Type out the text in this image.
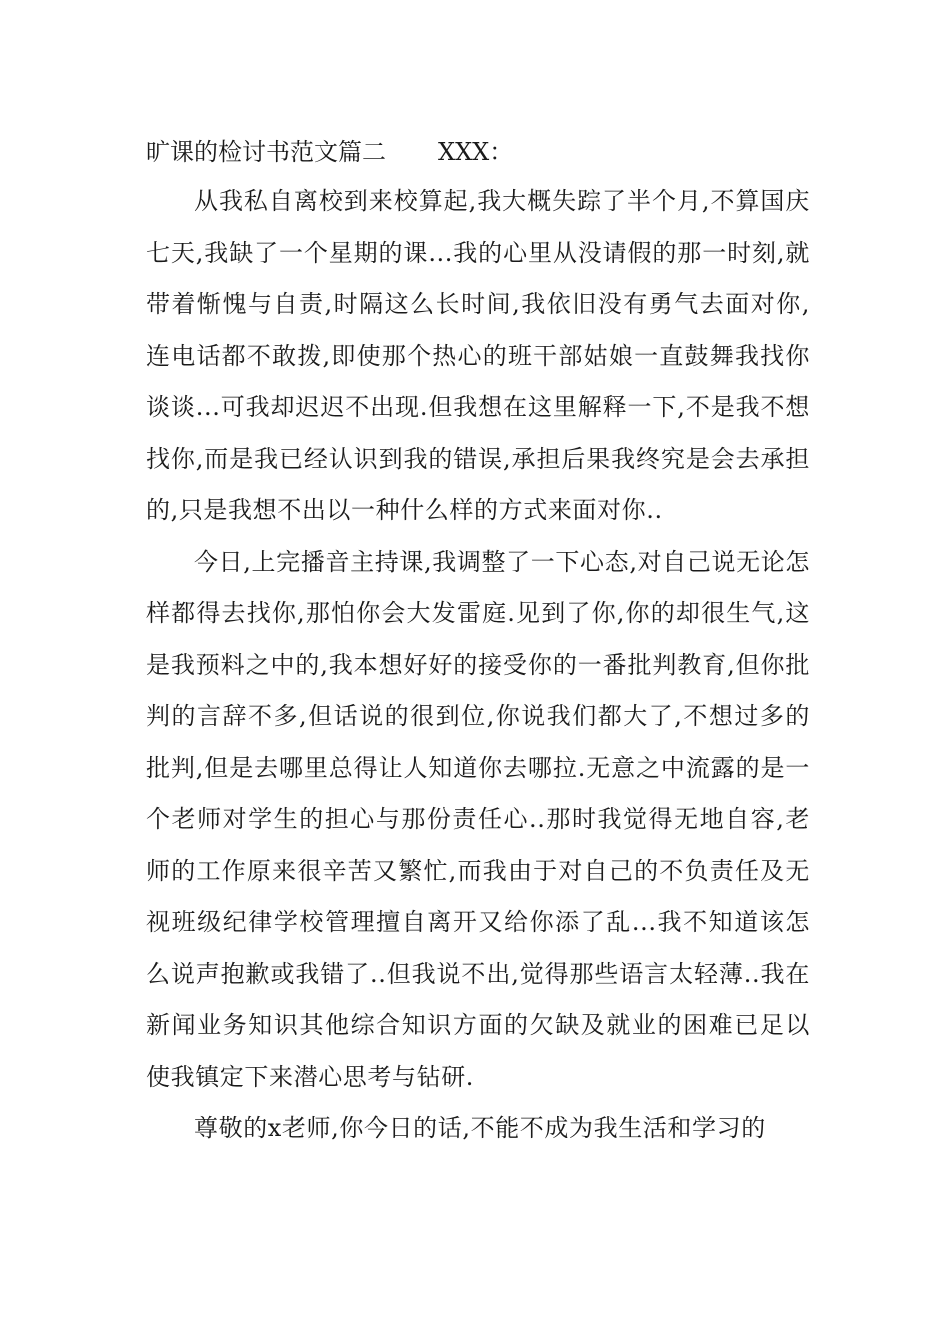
旷课的检讨书范文篇二 XXX：

从我私自离校到来校算起,我大概失踪了半个月,不算国庆七天,我缺了一个星期的课...我的心里从没请假的那一时刻,就带着惭愧与自责,时隔这么长时间,我依旧没有勇气去面对你,连电话都不敢拨,即使那个热心的班干部姑娘一直鼓舞我找你谈谈...可我却迟迟不出现.但我想在这里解释一下,不是我不想找你,而是我已经认识到我的错误,承担后果我终究是会去承担的,只是我想不出以一种什么样的方式来面对你..

今日,上完播音主持课,我调整了一下心态,对自己说无论怎样都得去找你,那怕你会大发雷庭.见到了你,你的却很生气,这是我预料之中的,我本想好好的接受你的一番批判教育,但你批判的言辞不多,但话说的很到位,你说我们都大了,不想过多的批判,但是去哪里总得让人知道你去哪拉.无意之中流露的是一个老师对学生的担心与那份责任心..那时我觉得无地自容,老师的工作原来很辛苦又繁忙,而我由于对自己的不负责任及无视班级纪律学校管理擅自离开又给你添了乱...我不知道该怎么说声抱歉或我错了..但我说不出,觉得那些语言太轻薄..我在新闻业务知识其他综合知识方面的欠缺及就业的困难已足以使我镇定下来潜心思考与钻研.

尊敬的x老师,你今日的话,不能不成为我生活和学习的
